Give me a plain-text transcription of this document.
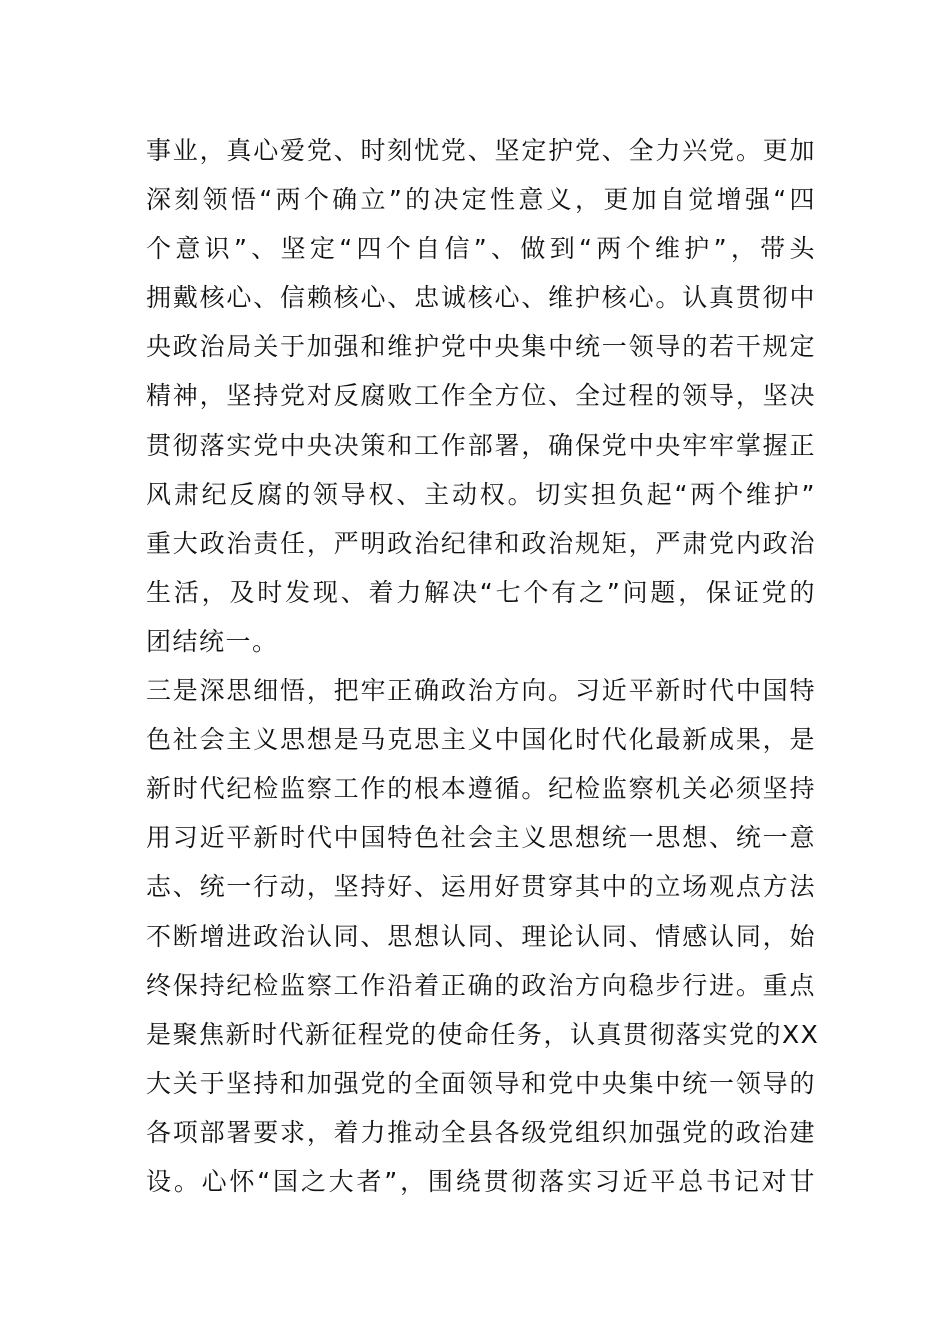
事业，真心爱党、时刻忧党、坚定护党、全力兴党。更加
深刻领悟“两个确立”的决定性意义，更加自觉增强“四
个意识”、坚定“四个自信”、做到“两个维护”，带头
拥戴核心、信赖核心、忠诚核心、维护核心。认真贯彻中
央政治局关于加强和维护党中央集中统一领导的若干规定
精神，坚持党对反腐败工作全方位、全过程的领导，坚决
贯彻落实党中央决策和工作部署，确保党中央牢牢掌握正
风肃纪反腐的领导权、主动权。切实担负起“两个维护”
重大政治责任，严明政治纪律和政治规矩，严肃党内政治
生活，及时发现、着力解决“七个有之”问题，保证党的
团结统一。
三是深思细悟，把牢正确政治方向。习近平新时代中国特
色社会主义思想是马克思主义中国化时代化最新成果，是
新时代纪检监察工作的根本遵循。纪检监察机关必须坚持
用习近平新时代中国特色社会主义思想统一思想、统一意
志、统一行动，坚持好、运用好贯穿其中的立场观点方法
不断增进政治认同、思想认同、理论认同、情感认同，始
终保持纪检监察工作沿着正确的政治方向稳步行进。重点
是聚焦新时代新征程党的使命任务，认真贯彻落实党的XX
大关于坚持和加强党的全面领导和党中央集中统一领导的
各项部署要求，着力推动全县各级党组织加强党的政治建
设。心怀“国之大者”，围绕贯彻落实习近平总书记对甘
